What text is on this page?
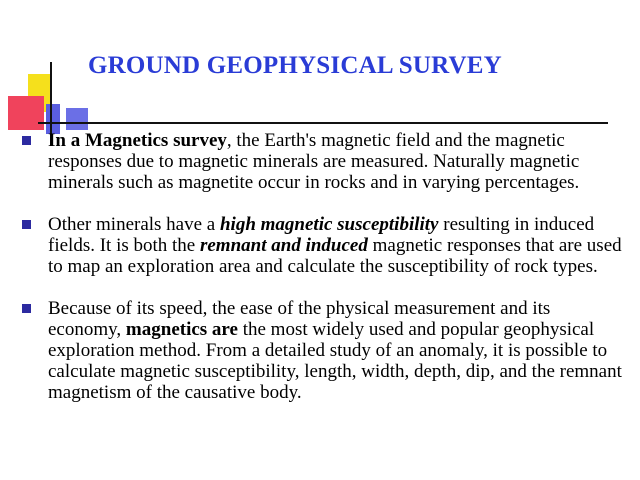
GROUND GEOPHYSICAL SURVEY
In a Magnetics survey, the Earth's magnetic field and the magnetic responses due to magnetic minerals are measured. Naturally magnetic minerals such as magnetite occur in rocks and in varying percentages.
Other minerals have a high magnetic susceptibility resulting in induced fields. It is both the remnant and induced magnetic responses that are used to map an exploration area and calculate the susceptibility of rock types.
Because of its speed, the ease of the physical measurement and its economy, magnetics are the most widely used and popular geophysical exploration method. From a detailed study of an anomaly, it is possible to calculate magnetic susceptibility, length, width, depth, dip, and the remnant magnetism of the causative body.
